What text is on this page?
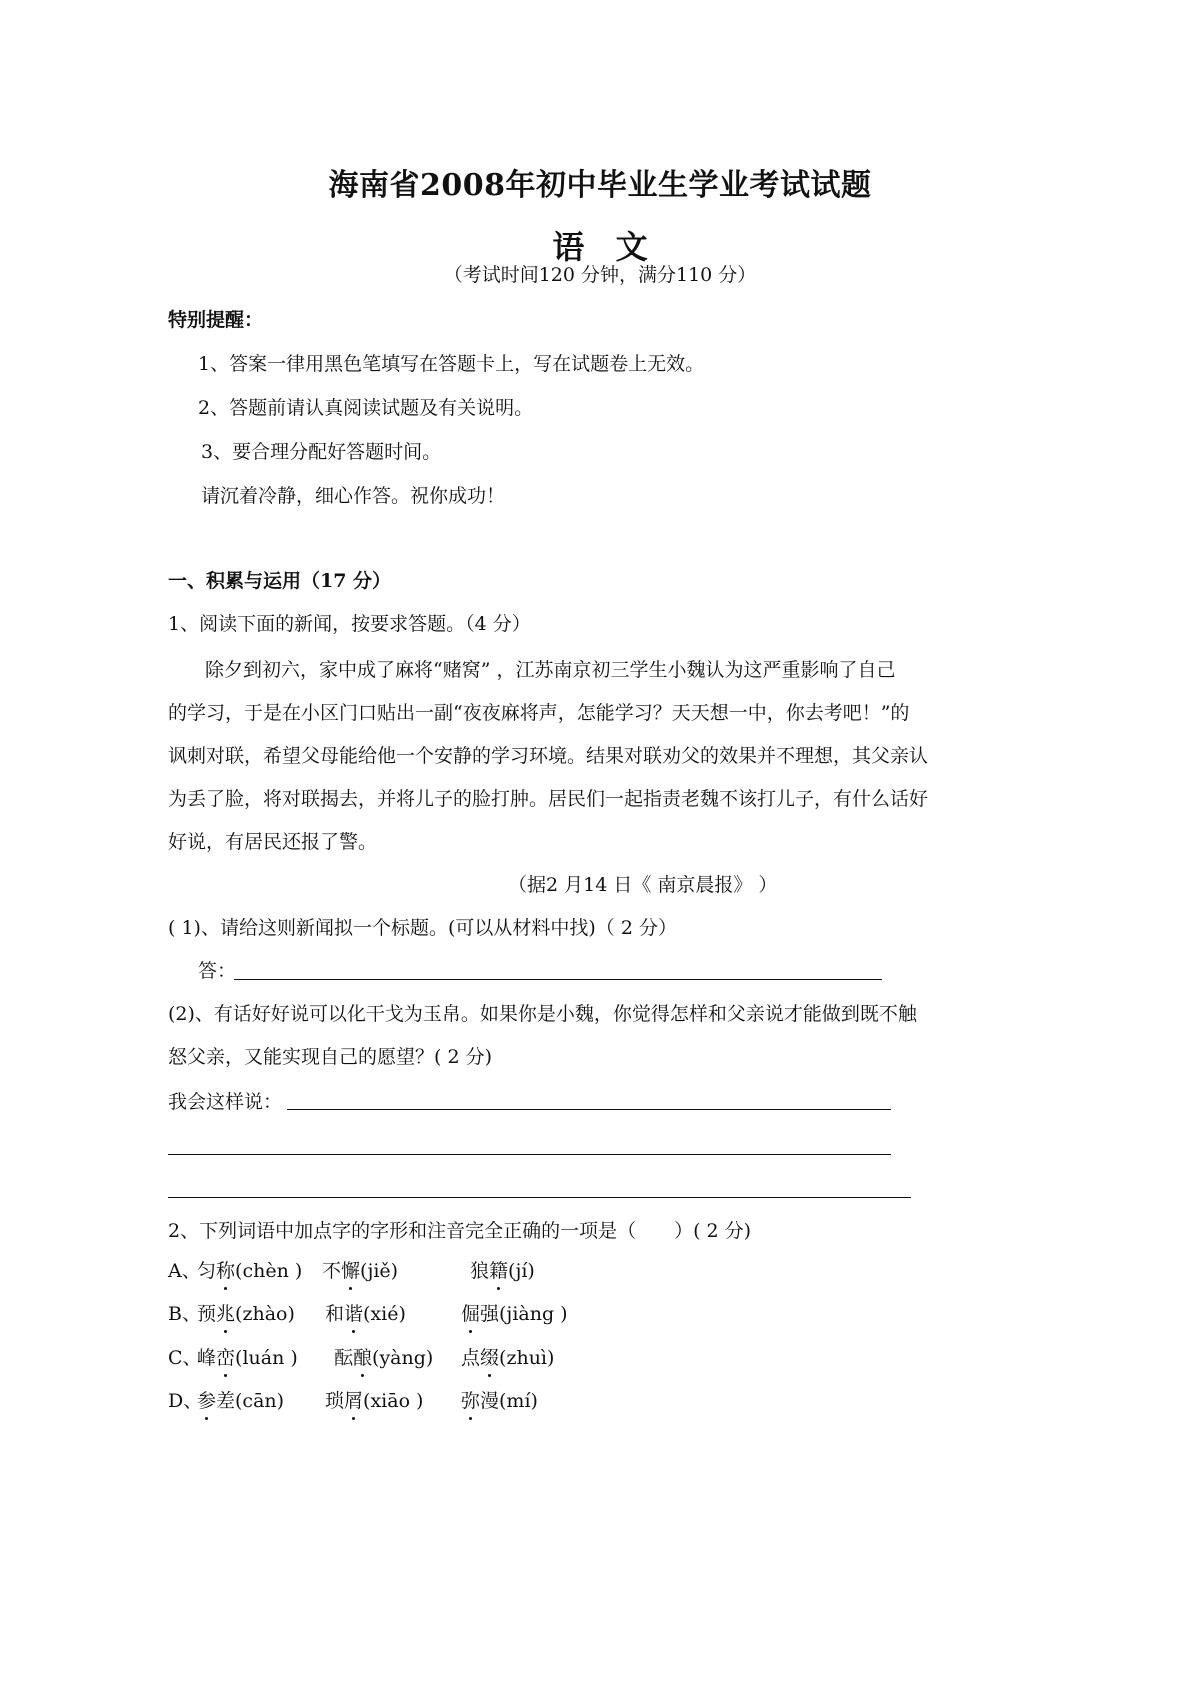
海南省2008年初中毕业生学业考试试题
语 文
（考试时间120 分钟，满分110 分）
特别提醒：
1、答案一律用黑色笔填写在答题卡上，写在试题卷上无效。
2、答题前请认真阅读试题及有关说明。
3、要合理分配好答题时间。
请沉着冷静，细心作答。祝你成功！
一、积累与运用（17 分）
1、阅读下面的新闻，按要求答题。（4 分）
除夕到初六，家中成了麻将“赌窝” ，江苏南京初三学生小魏认为这严重影响了自己
的学习，于是在小区门口贴出一副“夜夜麻将声，怎能学习？天天想一中，你去考吧！”的
讽刺对联，希望父母能给他一个安静的学习环境。结果对联劝父的效果并不理想，其父亲认
为丢了脸，将对联揭去，并将儿子的脸打肿。居民们一起指责老魏不该打儿子，有什么话好
好说，有居民还报了警。
（据2 月14 日《 南京晨报》 ）
( 1)、请给这则新闻拟一个标题。(可以从材料中找)（ 2 分）
答：
(2)、有话好好说可以化干戈为玉帛。如果你是小魏，你觉得怎样和父亲说才能做到既不触
怒父亲，又能实现自己的愿望？( 2 分)
我会这样说：
2、下列词语中加点字的字形和注音完全正确的一项是（　　）( 2 分)
A、
匀称
(chèn ) 不懈
(jiě)	狼籍
(jí)
B、
预兆
(zhào) 和谐
(xié)	倔
强(jiàng )
C、
峰峦
(luán ) 酝酿
(yàng) 点缀
(zhuì)
D、
参
差(cān) 琐屑
(xiāo ) 弥
漫(mí)
